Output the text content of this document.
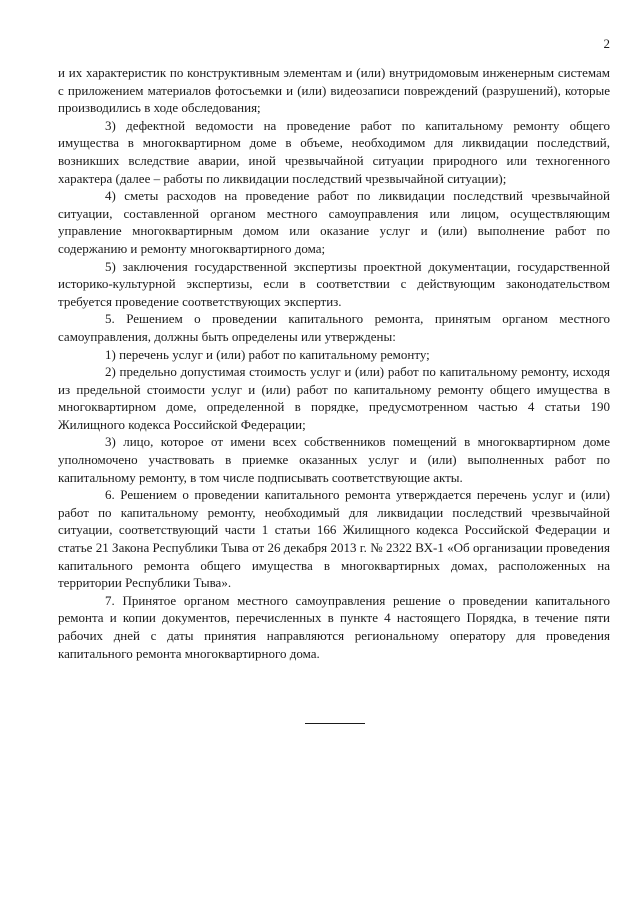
2

и их характеристик по конструктивным элементам и (или) внутридомовым инженерным системам с приложением материалов фотосъемки и (или) видеозаписи повреждений (разрушений), которые производились в ходе обследования;

3) дефектной ведомости на проведение работ по капитальному ремонту общего имущества в многоквартирном доме в объеме, необходимом для ликвидации последствий, возникших вследствие аварии, иной чрезвычайной ситуации природного или техногенного характера (далее – работы по ликвидации последствий чрезвычайной ситуации);

4) сметы расходов на проведение работ по ликвидации последствий чрезвычайной ситуации, составленной органом местного самоуправления или лицом, осуществляющим управление многоквартирным домом или оказание услуг и (или) выполнение работ по содержанию и ремонту многоквартирного дома;

5) заключения государственной экспертизы проектной документации, государственной историко-культурной экспертизы, если в соответствии с действующим законодательством требуется проведение соответствующих экспертиз.

5. Решением о проведении капитального ремонта, принятым органом местного самоуправления, должны быть определены или утверждены:

1) перечень услуг и (или) работ по капитальному ремонту;

2) предельно допустимая стоимость услуг и (или) работ по капитальному ремонту, исходя из предельной стоимости услуг и (или) работ по капитальному ремонту общего имущества в многоквартирном доме, определенной в порядке, предусмотренном частью 4 статьи 190 Жилищного кодекса Российской Федерации;

3) лицо, которое от имени всех собственников помещений в многоквартирном доме уполномочено участвовать в приемке оказанных услуг и (или) выполненных работ по капитальному ремонту, в том числе подписывать соответствующие акты.

6. Решением о проведении капитального ремонта утверждается перечень услуг и (или) работ по капитальному ремонту, необходимый для ликвидации последствий чрезвычайной ситуации, соответствующий части 1 статьи 166 Жилищного кодекса Российской Федерации и статье 21 Закона Республики Тыва от 26 декабря 2013 г. № 2322 ВХ-1 «Об организации проведения капитального ремонта общего имущества в многоквартирных домах, расположенных на территории Республики Тыва».

7. Принятое органом местного самоуправления решение о проведении капитального ремонта и копии документов, перечисленных в пункте 4 настоящего Порядка, в течение пяти рабочих дней с даты принятия направляются региональному оператору для проведения капитального ремонта многоквартирного дома.
